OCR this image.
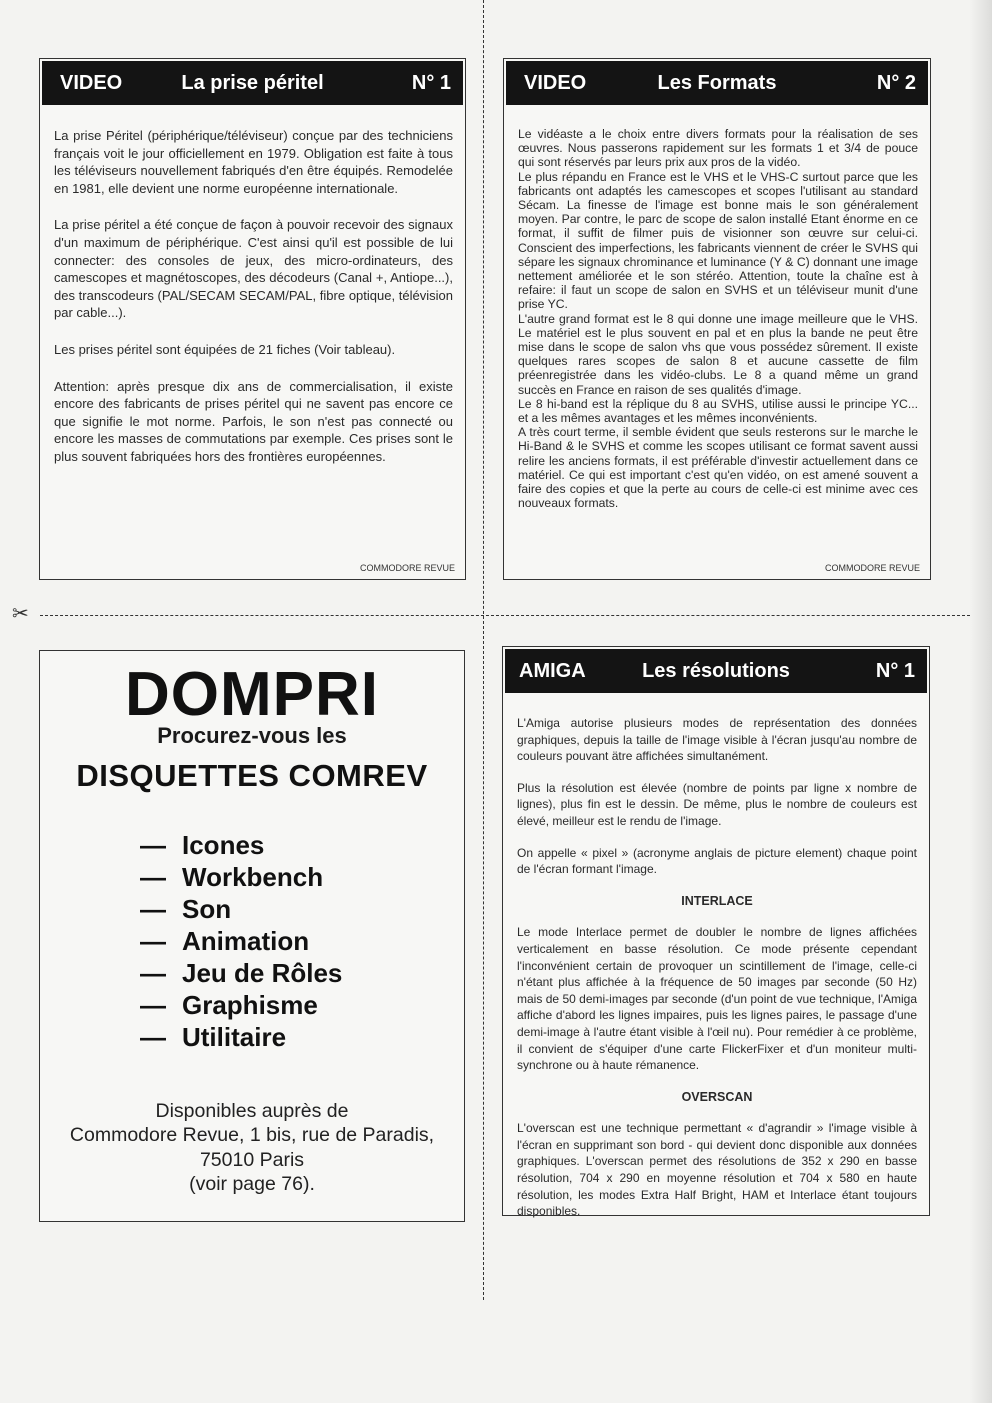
✂
VIDEO	La prise péritel	N° 1

La prise Péritel (périphérique/téléviseur) conçue par des techniciens français voit le jour officiellement en 1979. Obligation est faite à tous les téléviseurs nouvellement fabriqués d'en être équipés. Remodelée en 1981, elle devient une norme européenne internationale.

La prise péritel a été conçue de façon à pouvoir recevoir des signaux d'un maximum de périphérique. C'est ainsi qu'il est possible de lui connecter: des consoles de jeux, des micro-ordinateurs, des camescopes et magnétoscopes, des décodeurs (Canal +, Antiope...), des transcodeurs (PAL/SECAM SECAM/PAL, fibre optique, télévision par cable...).

Les prises péritel sont équipées de 21 fiches (Voir tableau).

Attention: après presque dix ans de commercialisation, il existe encore des fabricants de prises péritel qui ne savent pas encore ce que signifie le mot norme. Parfois, le son n'est pas connecté ou encore les masses de commutations par exemple. Ces prises sont le plus souvent fabriquées hors des frontières européennes.

COMMODORE REVUE
VIDEO	Les Formats	N° 2

Le vidéaste a le choix entre divers formats pour la réalisation de ses œuvres. Nous passerons rapidement sur les formats 1 et 3/4 de pouce qui sont réservés par leurs prix aux pros de la vidéo.

Le plus répandu en France est le VHS et le VHS-C surtout parce que les fabricants ont adaptés les camescopes et scopes l'utilisant au standard Sécam. La finesse de l'image est bonne mais le son généralement moyen. Par contre, le parc de scope de salon installé Etant énorme en ce format, il suffit de filmer puis de visionner son œuvre sur celui-ci. Conscient des imperfections, les fabricants viennent de créer le SVHS qui sépare les signaux chrominance et luminance (Y & C) donnant une image nettement améliorée et le son stéréo. Attention, toute la chaîne est à refaire: il faut un scope de salon en SVHS et un téléviseur munit d'une prise YC.

L'autre grand format est le 8 qui donne une image meilleure que le VHS. Le matériel est le plus souvent en pal et en plus la bande ne peut être mise dans le scope de salon vhs que vous possédez sûrement. Il existe quelques rares scopes de salon 8 et aucune cassette de film préenregistrée dans les vidéo-clubs. Le 8 a quand même un grand succès en France en raison de ses qualités d'image.

Le 8 hi-band est la réplique du 8 au SVHS, utilise aussi le principe YC... et a les mêmes avantages et les mêmes inconvénients.

A très court terme, il semble évident que seuls resterons sur le marche le Hi-Band & le SVHS et comme les scopes utilisant ce format savent aussi relire les anciens formats, il est préférable d'investir actuellement dans ce matériel. Ce qui est important c'est qu'en vidéo, on est amené souvent a faire des copies et que la perte au cours de celle-ci est minime avec ces nouveaux formats.

COMMODORE REVUE
DOMPRI
Procurez-vous les
DISQUETTES COMREV
— Icones
— Workbench
— Son
— Animation
— Jeu de Rôles
— Graphisme
— Utilitaire
Disponibles auprès de
Commodore Revue, 1 bis, rue de Paradis,
75010 Paris
(voir page 76).
AMIGA	Les résolutions	N° 1

L'Amiga autorise plusieurs modes de représentation des données graphiques, depuis la taille de l'image visible à l'écran jusqu'au nombre de couleurs pouvant ätre affichées simultanément.

Plus la résolution est élevée (nombre de points par ligne x nombre de lignes), plus fin est le dessin. De même, plus le nombre de couleurs est élevé, meilleur est le rendu de l'image.

On appelle « pixel » (acronyme anglais de picture element) chaque point de l'écran formant l'image.

INTERLACE

Le mode Interlace permet de doubler le nombre de lignes affichées verticalement en basse résolution. Ce mode présente cependant l'inconvénient certain de provoquer un scintillement de l'image, celle-ci n'étant plus affichée à la fréquence de 50 images par seconde (50 Hz) mais de 50 demi-images par seconde (d'un point de vue technique, l'Amiga affiche d'abord les lignes impaires, puis les lignes paires, le passage d'une demi-image à l'autre étant visible à l'œil nu). Pour remédier à ce problème, il convient de s'équiper d'une carte FlickerFixer et d'un moniteur multi-synchrone ou à haute rémanence.

OVERSCAN

L'overscan est une technique permettant « d'agrandir » l'image visible à l'écran en supprimant son bord - qui devient donc disponible aux données graphiques. L'overscan permet des résolutions de 352 x 290 en basse résolution, 704 x 290 en moyenne résolution et 704 x 580 en haute résolution, les modes Extra Half Bright, HAM et Interlace étant toujours disponibles.
